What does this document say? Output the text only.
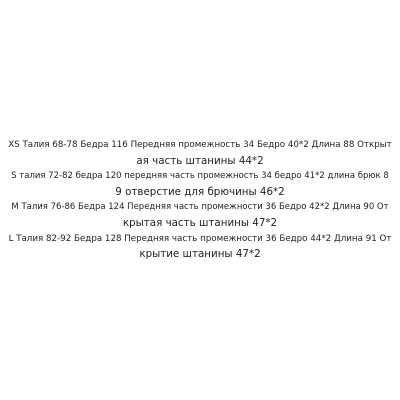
XS Талия 68-78 Бедра 116 Передняя промежность 34 Бедро 40*2 Длина 88 Открыт
ая часть штанины 44*2
S талия 72-82 бедра 120 передняя часть промежность 34 бедро 41*2 длина брюк 8
9 отверстие для брючины 46*2
M Талия 76-86 Бедра 124 Передняя часть промежности 36 Бедро 42*2 Длина 90 От
крытая часть штанины 47*2
L Талия 82-92 Бедра 128 Передняя часть промежности 36 Бедро 44*2 Длина 91 От
крытие штанины 47*2
